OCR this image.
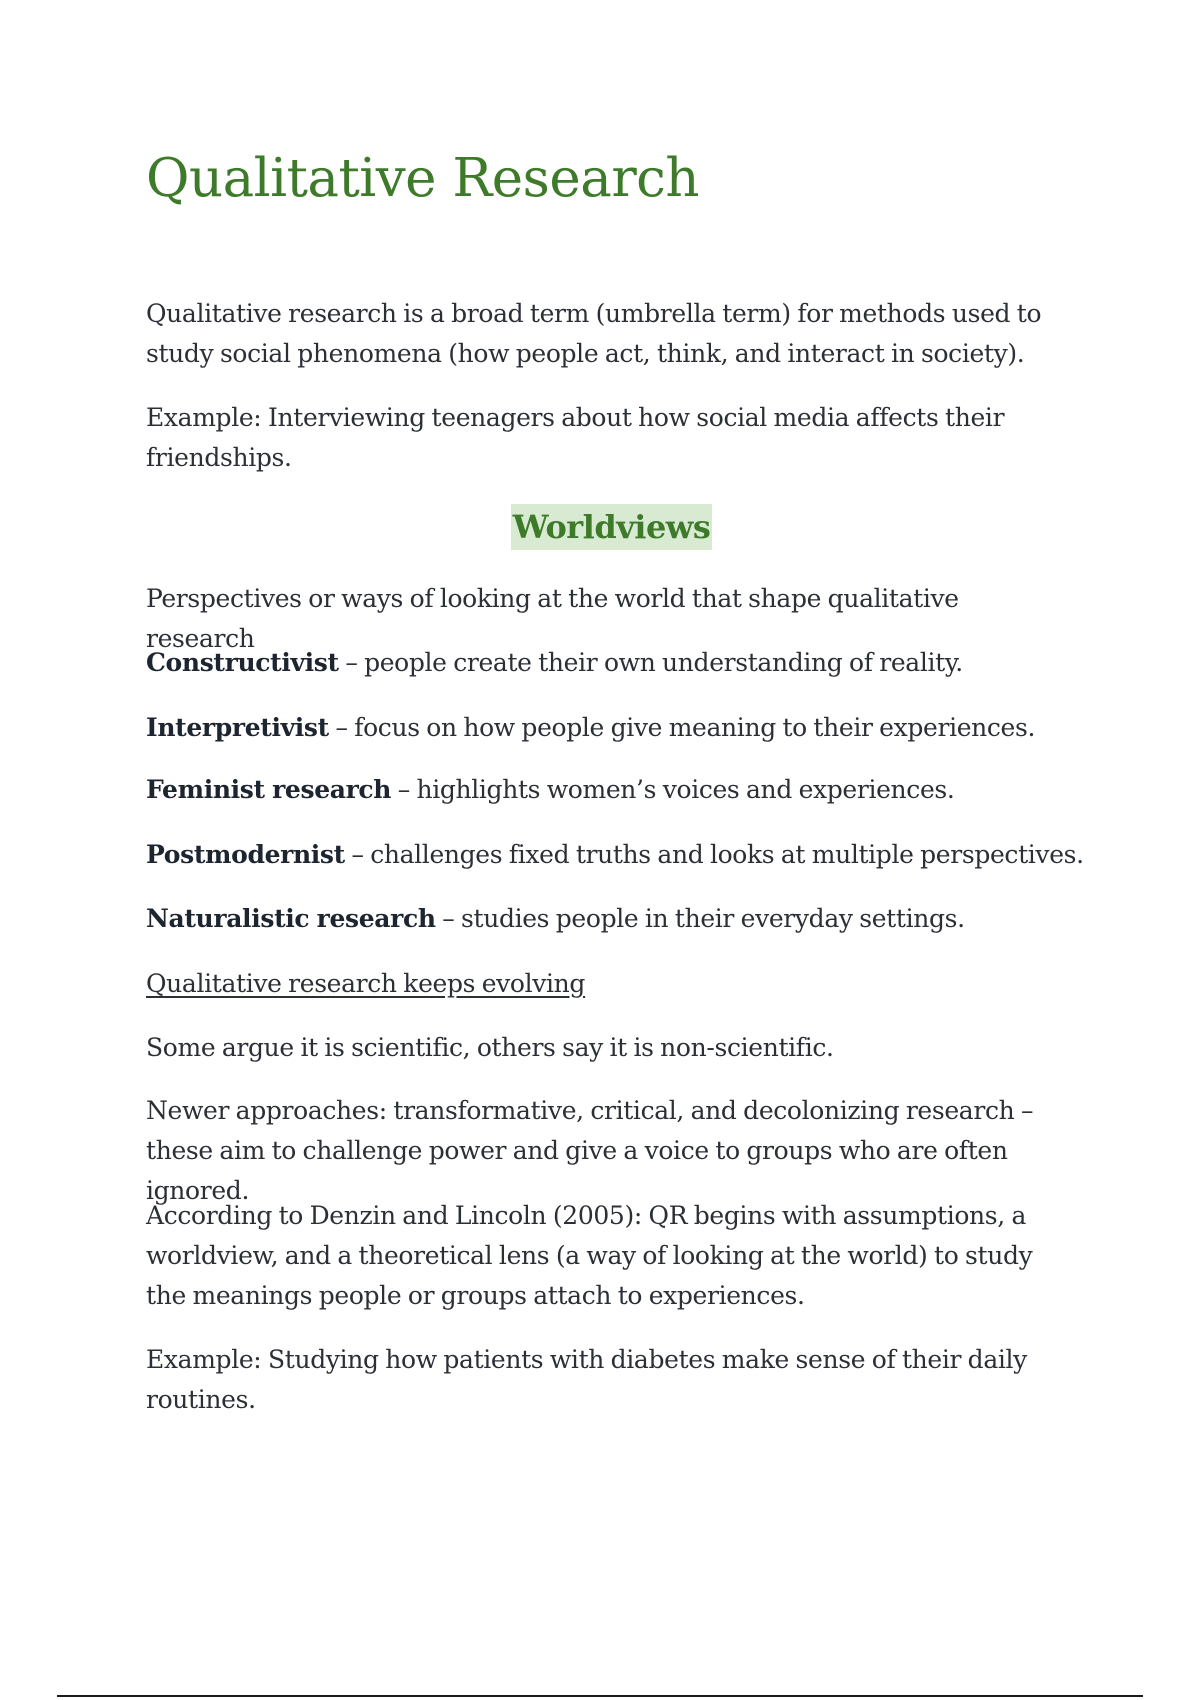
Qualitative Research

Qualitative research is a broad term (umbrella term) for methods used to study social phenomena (how people act, think, and interact in society).

Example: Interviewing teenagers about how social media affects their friendships.

Worldviews

Perspectives or ways of looking at the world that shape qualitative research

Constructivist – people create their own understanding of reality.

Interpretivist – focus on how people give meaning to their experiences.

Feminist research – highlights women’s voices and experiences.

Postmodernist – challenges fixed truths and looks at multiple perspectives.

Naturalistic research – studies people in their everyday settings.

Qualitative research keeps evolving

Some argue it is scientific, others say it is non-scientific.

Newer approaches: transformative, critical, and decolonizing research – these aim to challenge power and give a voice to groups who are often ignored.

According to Denzin and Lincoln (2005): QR begins with assumptions, a worldview, and a theoretical lens (a way of looking at the world) to study the meanings people or groups attach to experiences.

Example: Studying how patients with diabetes make sense of their daily routines.
